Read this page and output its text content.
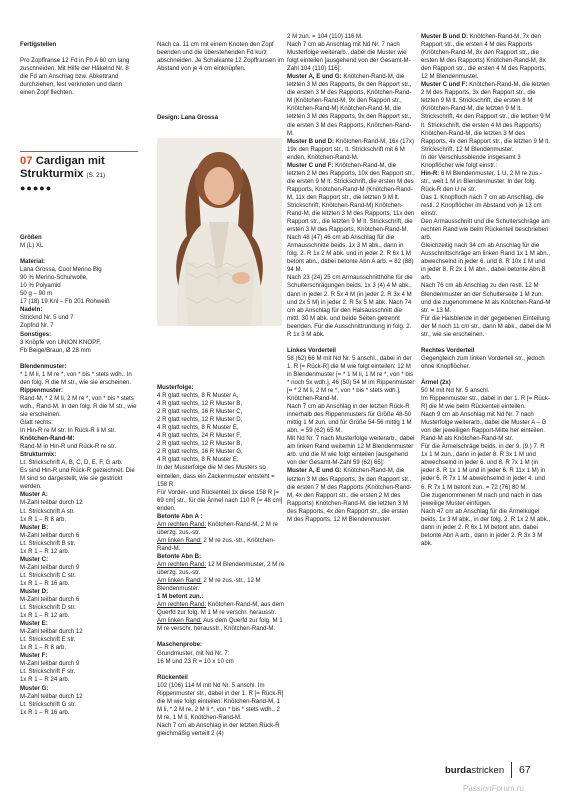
Fertigstellen

Pro Zopffranse 12 Fd in Fb A 60 cm lang zuschneiden. Mit Hilfe der Häkelnd Nr. 8 die Fd am Anschlag bzw. Abkettrand durchziehen, fest verknoten und dann einen Zopf flechten.

Nach ca. 11 cm mit einem Knoten den Zopf beenden und die überstehenden Fd kurz abschneiden. Je Schalkante 12 Zopffransen im Abstand von je 4 cm einknüpfen.

Design: Lana Grossa
07 Cardigan mit Strukturmix (S. 21)
●●●●●
Größen
M (L) XL
Material:
Lana Grossa, Cool Merino Big
90 % Merino-Schurwolle,
10 % Polyamid
50 g – 90 m
17 (18) 19 Knl – Fb 201 Rohweiß
Nadeln:
Stricknd Nr. 5 und 7
Zopfnd Nr. 7
Sonstiges:
3 Knöpfe von UNION KNOPF,
Fb Beige/Braun, Ø 28 mm
Blendenmuster:
* 1 M li, 1 M re *, von * bis * stets wdh.. In den folg. R die M str., wie sie erscheinen.
Rippenmuster:
Rand-M, * 2 M li, 2 M re *, von * bis * stets wdh., Rand-M. In den folg. R die M str., wie sie erscheinen.
Glatt rechts:
In Hin-R re M str. In Rück-R li M str.
Knötchen-Rand-M:
Rand-M in Hin-R und Rück-R re str.
Strukturmix:
Lt. Strickschrift A, B, C, D, E, F, G arb.
Es sind Hin-R und Rück-R gezeichnet. Die M sind so dargestellt, wie sie gestrickt werden.
Muster A:
M-Zahl teilbar durch 12
Lt. Strickschrift A str.
1x R 1 – R 8 arb.
Muster B:
M-Zahl teilbar durch 6
Lt. Strickschrift B str.
1x R 1 – R 12 arb.
Muster C:
M-Zahl teilbar durch 9
Lt. Strickschrift C str.
1x R 1 – R 16 arb.
Muster D:
M-Zahl teilbar durch 6
Lt. Strickschrift D str.
1x R 1 – R 12 arb.
Muster E:
M-Zahl teilbar durch 12
Lt. Strickschrift E str.
1x R 1 – R 8 arb.
Muster F:
M-Zahl teilbar durch 9
Lt. Strickschrift F str.
1x R 1 – R 24 arb.
Muster G:
M-Zahl teilbar durch 12
Lt. Strickschrift G str.
1x R 1 – R 16 arb.
Musterfolge:
4 R glatt rechts, 8 R Muster A,
4 R glatt rechts, 12 R Muster B,
2 R glatt rechts, 16 R Muster C,
2 R glatt rechts, 12 R Muster D,
4 R glatt rechts, 8 R Muster E,
4 R glatt rechts, 24 R Muster F,
2 R glatt rechts, 12 R Muster B,
2 R glatt rechts, 16 R Muster G,
4 R glatt rechts, 8 R Muster E.
In der Musterfolge die M des Musters so einteilen, dass ein Zackenmuster entsteht = 158 R.
Für Vorder- und Rückenteil 1x diese 158 R [= 69 cm] str., für die Ärmel nach 110 R [= 48 cm] enden.
Betonte Abn A :
Am rechten Rand: Knötchen-Rand-M, 2 M re überzg. zus.-str.
Am linken Rand: 2 M re zus.-str., Knötchen-Rand-M.
Betonte Abn B:
Am rechten Rand: 12 M Blendenmuster, 2 M re überzg. zus.-str.
Am linken Rand: 2 M re zus.-str., 12 M Blendenmuster.
1 M betont zun.:
Am rechten Rand: Knötchen-Rand-M, aus dem Querfd zur folg. M 1 M re verschr. herausstr.
Am linken Rand: Aus dem Querfd zur folg. M 1 M re verschr. herausstr., Knötchen-Rand-M.
Maschenprobe:
Grundmuster, mit Nd Nr. 7:
16 M und 23 R = 10 x 10 cm
Rückenteil
102 (106) 114 M mit Nd Nr. 5 anschl. Im Rippenmuster str., dabei in der 1. R [= Rück-R] die M wie folgt einteilen: Knötchen-Rand-M, 1 M li, * 2 M re, 2 M li *, von * bis * stets wdh., 2 M re, 1 M li, Knötchen-Rand-M.
Nach 7 cm ab Anschlag in der letzten Rück-R gleichmäßig verteilt 2 (4)
2 M zun. = 104 (110) 116 M.
Nach 7 cm ab Anschlag mit Nd Nr. 7 nach Musterfolge weiterarb., dabei die Muster wie folgt einteilen [ausgehend von der Gesamt-M-Zahl 104 (110) 116]:
Muster A, E und G: Knötchen-Rand-M, die letzten 3 M des Rapports, 8x den Rapport str., die ersten 3 M des Rapports, Knötchen-Rand-M (Knötchen-Rand-M, 9x den Rapport str., Knötchen-Rand-M) Knötchen-Rand-M, die letzten 3 M des Rapports, 9x den Rapport str., die ersten 3 M des Rapports, Knötchen-Rand-M.
Muster B und D: Knötchen-Rand-M, 16x (17x) 19x den Rapport str., lt. Strickschrift mit 6 M enden, Knötchen-Rand-M.
Muster C und F: Knötchen-Rand-M, die letzten 2 M des Rapports, 10x den Rapport str., die ersten 9 M lt. Strickschrift, die ersten M des Rapports, Knötchen-Rand-M (Knötchen-Rand-M, 11x den Rapport str., die letzten 9 M lt. Strickschrift, Knötchen-Rand-M) Knötchen-Rand-M, die letzten 3 M des Rapports, 11x den Rapport str., die letzten 9 M lt. Strickschrift, die ersten 3 M des Rapports, Knötchen-Rand-M.
Nach 48 (47) 46 cm ab Anschlag für die Armausschnitte beids. 1x 3 M abk., dann in folg. 2. R 1x 2 M abk. und in jeder 2. R 6x 1 M betont abn., dabei betonte Abn A arb. = 82 (88) 94 M.
Nach 23 (24) 25 cm Armausschnitthöhe für die Schulterschrägungen beids. 1x 3 (4) 4 M abk., dann in jeder 2. R 5x 4 M (in jeder 2. R 3x 4 M und 2x 5 M) in jeder 2. R 5x 5 M abk. Nach 74 cm ab Anschlag für den Halsausschnitt die mittl. 30 M abk. und beide Seiten getrennt beenden. Für die Ausschnittrundung in folg. 2. R 1x 3 M abk.
Linkes Vorderteil
58 (62) 66 M mit Nd Nr. 5 anschl., dabei in der 1. R [= Rück-R] die M wie folgt einteilen: 12 M in Blendenmuster [= * 1 M li, 1 M re *, von * bis * noch 5x wdh.], 46 (50) 54 M im Rippenmuster [= * 2 M li, 2 M re *, von * bis * stets wdh.], Knötchen-Rand-M.
Nach 7 cm ab Anschlag in der letzten Rück-R innerhalb des Rippenmusters für Größe 48-50 mittig 1 M zun. und für Größe 54-56 mittig 1 M abn. = 59 (62) 65 M.
Mit Nd Nr. 7 nach Musterfolge weiterarb., dabei am linken Rand weiterhin 12 M Blendenmuster arb. und die M wie folgt einteilen [ausgehend von der Gesamt-M-Zahl 59 (62) 65]:
Muster A, E und G: Knötchen-Rand-M, die letzten 3 M des Rapports, 3x den Rapport str., die ersten 7 M des Rapports (Knötchen-Rand-M, 4x den Rapport str., die ersten 2 M des Rapports) Knötchen-Rand-M, die letzten 3 M des Rapports, 4x den Rapport str., die ersten M des Rapports, 12 M Blendenmuster.
Muster B und D: Knötchen-Rand-M, 7x den Rapport str., die ersten 4 M des Rapports (Knötchen-Rand-M, 8x den Rapport str., die ersten M des Rapports) Knötchen-Rand-M, 8x den Rapport str., die ersten 4 M des Rapports, 12 M Blendenmuster.
Muster C und F: Knötchen-Rand-M, die letzten 2 M des Rapports, 3x den Rapport str., die letzten 9 M lt. Strickschrift, die ersten 8 M (Knötchen-Rand-M, die letzten 9 M lt. Strickschrift, 4x den Rapport str., die letzten 9 M lt. Strickschrift, die ersten 4 M des Rapports) Knötchen-Rand-M, die letzten 3 M des Rapports, 4x den Rapport str., die letzten 9 M lt. Strickschrift, 12 M Blendenmuster.
In der Verschlussblende insgesamt 3 Knopflöcher wie folgt einstr.:
Hin-R: 6 M Blendenmuster, 1 U, 2 M re zus.-str., weit 1 M in Blendenmuster. In der folg. Rück-R den U re str.
Das 1. Knopfloch nach 7 cm ab Anschlag, die restl. 2 Knopflöcher im Abstand von je 13 cm einstr.
Den Armausschnitt und die Schulterschräge am rechten Rand wie beim Rückenteil beschrieben arb.
Gleichzeitig nach 34 cm ab Anschlag für die Ausschnittschräge am linken Rand 1x 1 M abn., abwechselnd in jeder 6. und 8. R 10x 1 M und in jeder 8. R 2x 1 M abn., dabei betonte Abn B arb.
Nach 76 cm ab Anschlag zu den restl. 12 M Blendenmuster an der Schulterseite 1 M zun. und die zugenommene M als Knötchen-Rand-M str. = 13 M.
Für die Halsblende in der gegebenen Einteilung der M noch 11 cm str., dann M abk., dabei die M str., wie sie erscheinen.
Rechtes Vorderteil
Gegengleich zum linken Vorderteil str., jedoch ohne Knopflöcher.
Ärmel (2x)
50 M mit Nd Nr. 5 anschl.
Im Rippenmuster str., dabei in der 1. R [= Rück-R] die M wie beim Rückenteil einteilen.
Nach 9 cm ab Anschlag mit Nd Nr. 7 nach Musterfolge weiterarb., dabei die Muster A – G von der jeweiligen Rapport-Mitte her einteilen. Rand-M als Knötchen-Rand-M str.
Für die Ärmelschräge beids. in der 9. (9.) 7. R 1x 1 M zun., dann in jeder 8. R 3x 1 M und abwechselnd in jeder 6. und 8. R 7x 1 M (in jeder 8. R 1x 1 M und in jeder 6. R 11x 1 M) in jeder 6. R 7x 1 M abwechselnd in jeder 4. und 6. R 7x 1 M betont zun. = 72 (76) 80 M.
Die zugenommenen M nach und nach in das jeweilige Muster einfügen.
Nach 47 cm ab Anschlag für die Ärmelkugel beids. 1x 3 M abk., in der folg. 2. R 1x 2 M abk., dann in jeder 2. R 6x 1 M betont abn. dabei betonte Abn A arb., dann in jeder 2. R 3x 3 M abk.
burdastricken 67
PassionForum.ru
